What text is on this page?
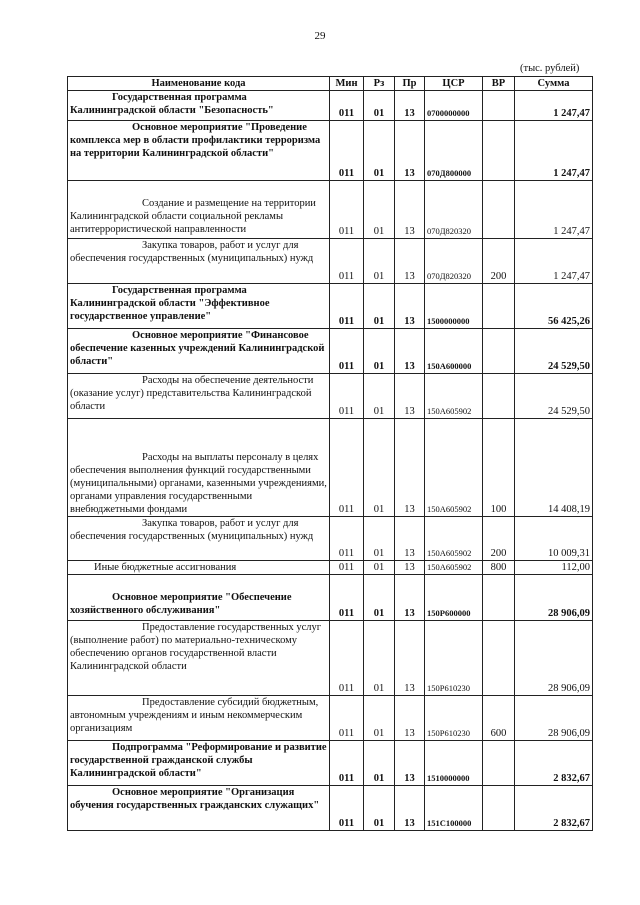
29
(тыс. рублей)
Наименование кода	Мин	Рз	Пр	ЦСР	ВР	Сумма
Государственная программа Калининградской области "Безопасность"	011	01	13	0700000000		1 247,47
Основное мероприятие "Проведение комплекса мер в области профилактики терроризма на территории Калининградской области"	011	01	13	070Д800000		1 247,47
Создание и размещение на территории Калининградской области социальной рекламы антитеррористической направленности	011	01	13	070Д820320		1 247,47
Закупка товаров, работ и услуг для обеспечения государственных (муниципальных) нужд	011	01	13	070Д820320	200	1 247,47
Государственная программа Калининградской области "Эффективное государственное управление"	011	01	13	1500000000		56 425,26
Основное мероприятие "Финансовое обеспечение казенных учреждений Калининградской области"	011	01	13	150А600000		24 529,50
Расходы на обеспечение деятельности (оказание услуг) представительства Калининградской области	011	01	13	150А605902		24 529,50
Расходы на выплаты персоналу в целях обеспечения выполнения функций государственными (муниципальными) органами, казенными учреждениями, органами управления государственными внебюджетными фондами	011	01	13	150А605902	100	14 408,19
Закупка товаров, работ и услуг для обеспечения государственных (муниципальных) нужд	011	01	13	150А605902	200	10 009,31
Иные бюджетные ассигнования	011	01	13	150А605902	800	112,00
Основное мероприятие "Обеспечение хозяйственного обслуживания"	011	01	13	150Р600000		28 906,09
Предоставление государственных услуг (выполнение работ) по материально-техническому обеспечению органов государственной власти Калининградской области	011	01	13	150Р610230		28 906,09
Предоставление субсидий бюджетным, автономным учреждениям и иным некоммерческим организациям	011	01	13	150Р610230	600	28 906,09
Подпрограмма "Реформирование и развитие государственной гражданской службы Калининградской области"	011	01	13	1510000000		2 832,67
Основное мероприятие "Организация обучения государственных гражданских служащих"	011	01	13	151С100000		2 832,67
